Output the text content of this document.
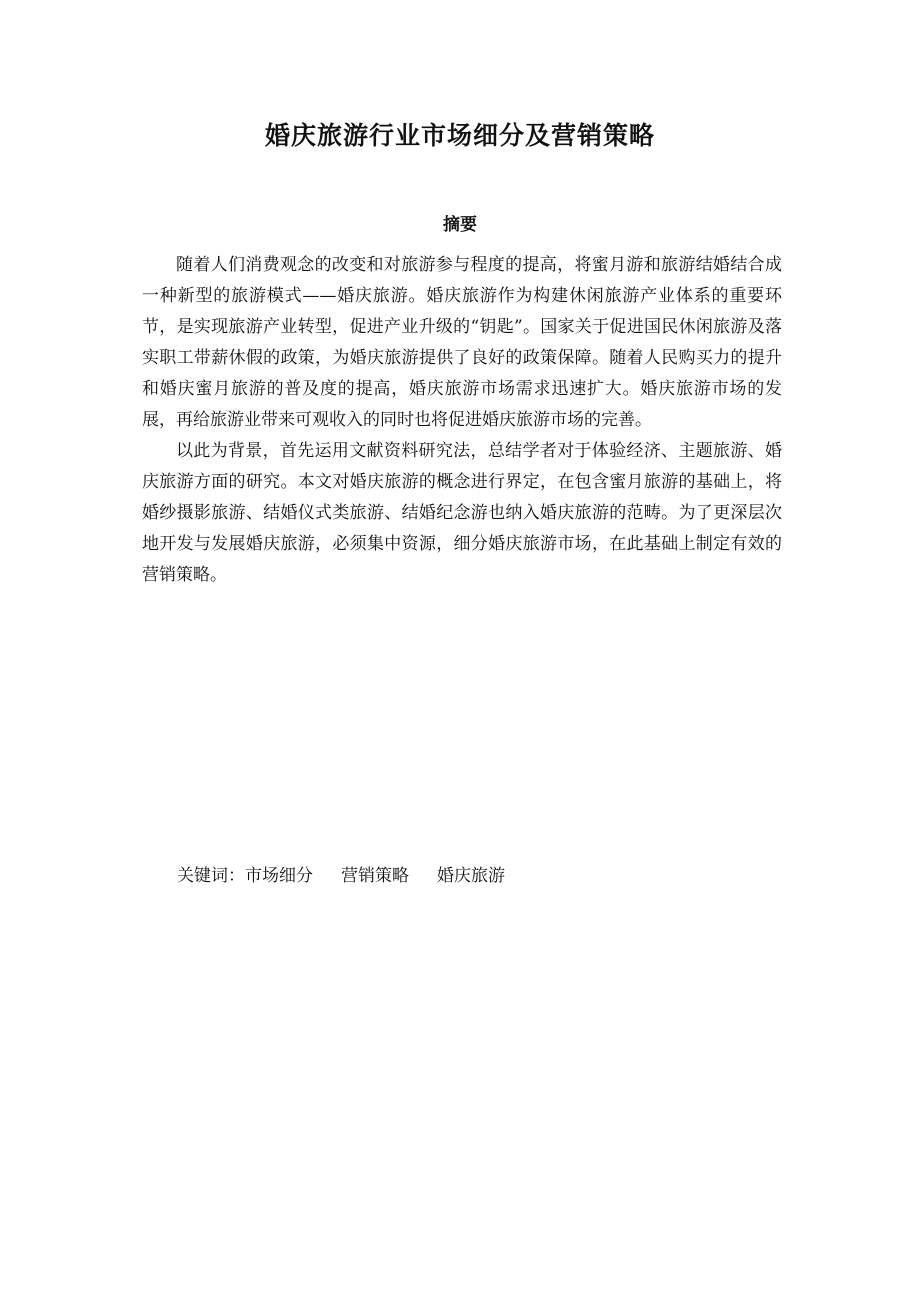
婚庆旅游行业市场细分及营销策略
摘要

随着人们消费观念的改变和对旅游参与程度的提高，将蜜月游和旅游结婚结合成一种新型的旅游模式——婚庆旅游。婚庆旅游作为构建休闲旅游产业体系的重要环节，是实现旅游产业转型，促进产业升级的“钥匙”。国家关于促进国民休闲旅游及落实职工带薪休假的政策，为婚庆旅游提供了良好的政策保障。随着人民购买力的提升和婚庆蜜月旅游的普及度的提高，婚庆旅游市场需求迅速扩大。婚庆旅游市场的发展，再给旅游业带来可观收入的同时也将促进婚庆旅游市场的完善。

以此为背景，首先运用文献资料研究法，总结学者对于体验经济、主题旅游、婚庆旅游方面的研究。本文对婚庆旅游的概念进行界定，在包含蜜月旅游的基础上，将婚纱摄影旅游、结婚仪式类旅游、结婚纪念游也纳入婚庆旅游的范畴。为了更深层次地开发与发展婚庆旅游，必须集中资源，细分婚庆旅游市场，在此基础上制定有效的营销策略。

关键词：市场细分 营销策略 婚庆旅游
